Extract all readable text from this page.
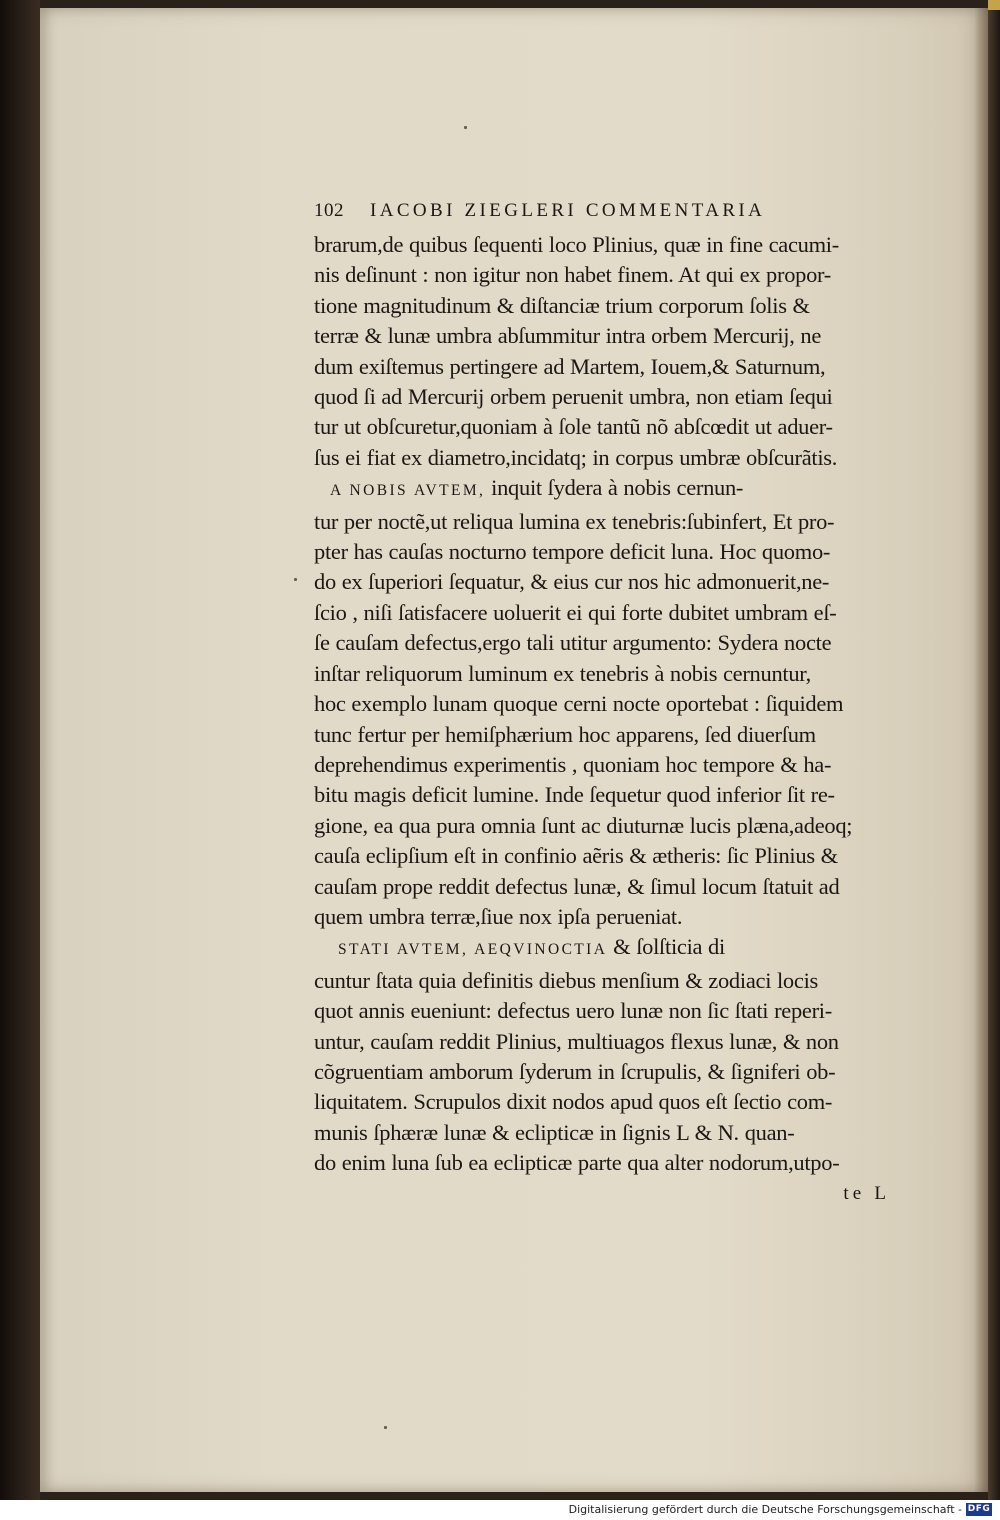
102 IACOBI ZIEGLERI COMMENTARIA
brarum,de quibus ſequenti loco Plinius, quæ in fine cacumi-
nis deſinunt : non igitur non habet finem. At qui ex propor-
tione magnitudinum & diſtanciæ trium corporum ſolis &
terræ & lunæ umbra abſummitur intra orbem Mercurij, ne
dum exiſtemus pertingere ad Martem, Iouem,& Saturnum,
quod ſi ad Mercurij orbem peruenit umbra, non etiam ſequi
tur ut obſcuretur,quoniam à ſole tantũ nõ abſcœdit ut aduer-
ſus ei fiat ex diametro,incidatq; in corpus umbræ obſcurãtis.
A NOBIS AVTEM, inquit ſydera à nobis cernun-
tur per noctẽ,ut reliqua lumina ex tenebris:ſubinfert, Et pro-
pter has cauſas nocturno tempore deficit luna. Hoc quomo-
do ex ſuperiori ſequatur, & eius cur nos hic admonuerit,ne-
ſcio , niſi ſatisfacere uoluerit ei qui forte dubitet umbram eſ-
ſe cauſam defectus,ergo tali utitur argumento: Sydera nocte
inſtar reliquorum luminum ex tenebris à nobis cernuntur,
hoc exemplo lunam quoque cerni nocte oportebat : ſiquidem
tunc fertur per hemiſphærium hoc apparens, ſed diuerſum
deprehendimus experimentis , quoniam hoc tempore & ha-
bitu magis deficit lumine. Inde ſequetur quod inferior ſit re-
gione, ea qua pura omnia ſunt ac diuturnæ lucis plæna,adeoq;
cauſa eclipſium eſt in confinio aẽris & ætheris: ſic Plinius &
cauſam prope reddit defectus lunæ, & ſimul locum ſtatuit ad
quem umbra terræ,ſiue nox ipſa perueniat.
STATI AVTEM, AEQVINOCTIA & ſolſticia di
cuntur ſtata quia definitis diebus menſium & zodiaci locis
quot annis eueniunt: defectus uero lunæ non ſic ſtati reperi-
untur, cauſam reddit Plinius, multiuagos flexus lunæ, & non
cõgruentiam amborum ſyderum in ſcrupulis, & ſigniferi ob-
liquitatem. Scrupulos dixit nodos apud quos eſt ſectio com-
munis ſphæræ lunæ & eclipticæ in ſignis L & N. quan-
do enim luna ſub ea eclipticæ parte qua alter nodorum,utpo-
te L
Digitalisierung gefördert durch die Deutsche Forschungsgemeinschaft - DFG
